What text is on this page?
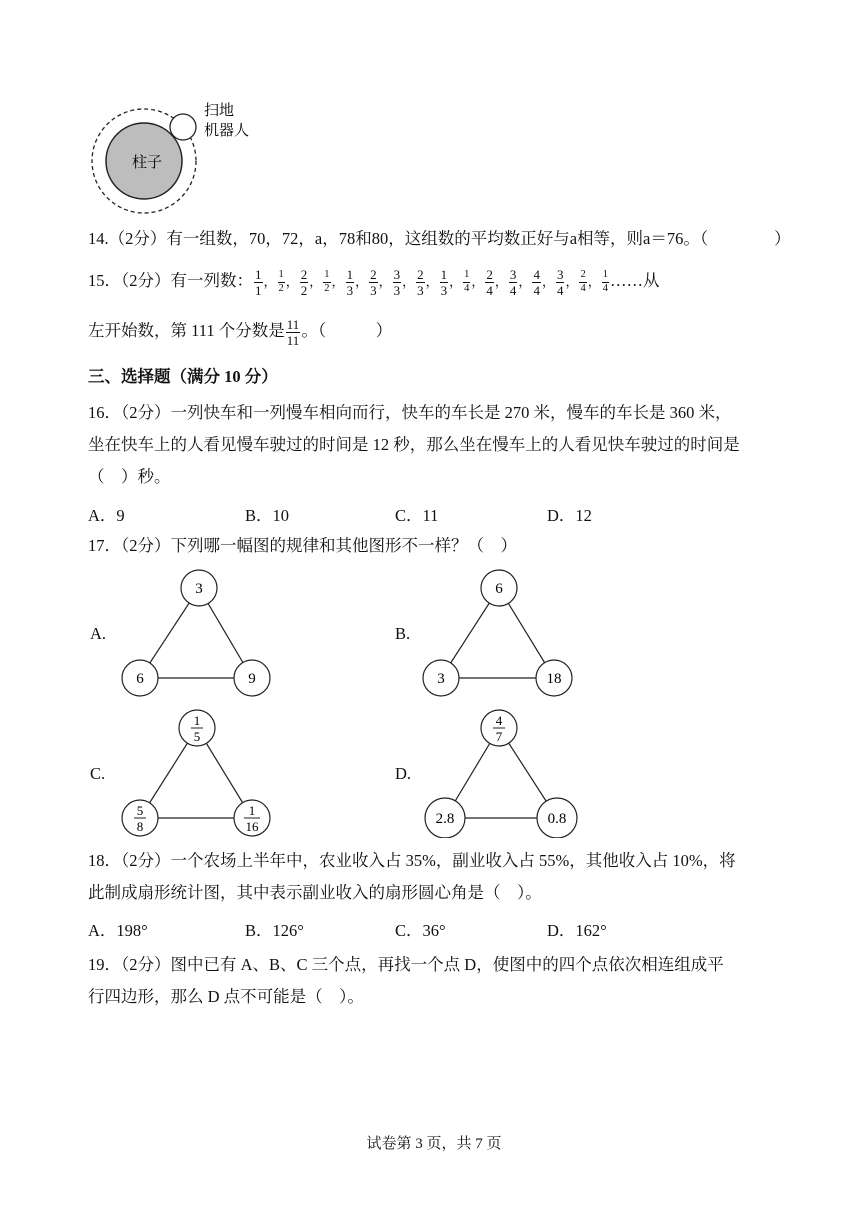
柱子
扫地
机器人
14.（2分）有一组数，70，72，a，78和80，这组数的平均数正好与a相等，则a＝76。（　　　　）
15．（2分）有一列数： $\frac{1}{1}$ ， $\frac{1}{2}$ ， $\frac{2}{2}$ ， $\frac{1}{2}$ ， $\frac{1}{3}$ ， $\frac{2}{3}$ ， $\frac{3}{3}$ ， $\frac{2}{3}$ ， $\frac{1}{3}$ ， $\frac{1}{4}$ ， $\frac{2}{4}$ ， $\frac{3}{4}$ ， $\frac{4}{4}$ ， $\frac{3}{4}$ ， $\frac{2}{4}$ ， $\frac{1}{4}$ ……从
左开始数，第 111 个分数是 $\frac{11}{11}$ 。（　　　）
三、选择题（满分 10 分）
16．（2分）一列快车和一列慢车相向而行，快车的车长是 270 米，慢车的车长是 360 米，
坐在快车上的人看见慢车驶过的时间是 12 秒，那么坐在慢车上的人看见快车驶过的时间是
（　）秒。
A．9	B．10	C．11	D．12
17．（2分）下列哪一幅图的规律和其他图形不一样？（　）
A.
3
6	9
B.
6
3	18
C.
1
5
5
8
1
16
D.
4
7
2.8	0.8
18．（2分）一个农场上半年中，农业收入占 35%，副业收入占 55%，其他收入占 10%，将
此制成扇形统计图，其中表示副业收入的扇形圆心角是（　）。
A．198°	B．126°	C．36°	D．162°
19．（2分）图中已有 A、B、C 三个点，再找一个点 D，使图中的四个点依次相连组成平
行四边形，那么 D 点不可能是（　）。
试卷第 3 页，共 7 页
